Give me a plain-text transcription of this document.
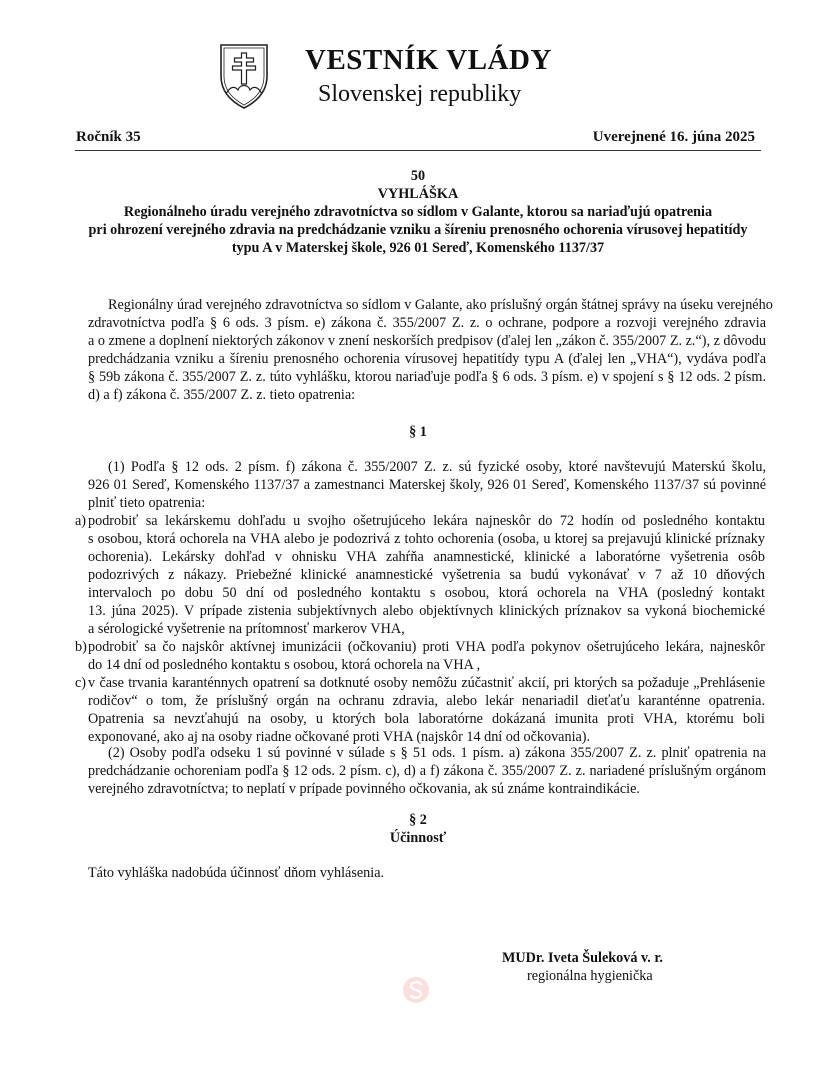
VESTNÍK VLÁDY
Slovenskej republiky
Ročník 35	Uverejnené 16. júna 2025
50
VYHLÁŠKA
Regionálneho úradu verejného zdravotníctva so sídlom v Galante, ktorou sa nariaďujú opatrenia
pri ohrození verejného zdravia na predchádzanie vzniku a šíreniu prenosného ochorenia vírusovej hepatitídy
typu A v Materskej škole, 926 01 Sereď, Komenského 1137/37
Regionálny úrad verejného zdravotníctva so sídlom v Galante, ako príslušný orgán štátnej správy na úseku verejného
zdravotníctva podľa § 6 ods. 3 písm. e) zákona č. 355/2007 Z. z. o ochrane, podpore a rozvoji verejného zdravia
a o zmene a doplnení niektorých zákonov v znení neskorších predpisov (ďalej len „zákon č. 355/2007 Z. z.“), z dôvodu
predchádzania vzniku a šíreniu prenosného ochorenia vírusovej hepatitídy typu A (ďalej len „VHA“), vydáva podľa
§ 59b zákona č. 355/2007 Z. z. túto vyhlášku, ktorou nariaďuje podľa § 6 ods. 3 písm. e) v spojení s § 12 ods. 2 písm.
d) a f) zákona č. 355/2007 Z. z. tieto opatrenia:
§ 1
(1) Podľa § 12 ods. 2 písm. f) zákona č. 355/2007 Z. z. sú fyzické osoby, ktoré navštevujú Materskú školu,
926 01 Sereď, Komenského 1137/37 a zamestnanci Materskej školy, 926 01 Sereď, Komenského 1137/37 sú povinné
plniť tieto opatrenia:
a) podrobiť sa lekárskemu dohľadu u svojho ošetrujúceho lekára najneskôr do 72 hodín od posledného kontaktu
s osobou, ktorá ochorela na VHA alebo je podozrivá z tohto ochorenia (osoba, u ktorej sa prejavujú klinické príznaky
ochorenia). Lekársky dohľad v ohnisku VHA zahŕňa anamnestické, klinické a laboratórne vyšetrenia osôb
podozrivých z nákazy. Priebežné klinické anamnestické vyšetrenia sa budú vykonávať v 7 až 10 dňových
intervaloch po dobu 50 dní od posledného kontaktu s osobou, ktorá ochorela na VHA (posledný kontakt
13. júna 2025). V prípade zistenia subjektívnych alebo objektívnych klinických príznakov sa vykoná biochemické
a sérologické vyšetrenie na prítomnosť markerov VHA,
b) podrobiť sa čo najskôr aktívnej imunizácii (očkovaniu) proti VHA podľa pokynov ošetrujúceho lekára, najneskôr
do 14 dní od posledného kontaktu s osobou, ktorá ochorela na VHA ,
c) v čase trvania karanténnych opatrení sa dotknuté osoby nemôžu zúčastniť akcií, pri ktorých sa požaduje „Prehlásenie
rodičov“ o tom, že príslušný orgán na ochranu zdravia, alebo lekár nenariadil dieťaťu karanténne opatrenia.
Opatrenia sa nevzťahujú na osoby, u ktorých bola laboratórne dokázaná imunita proti VHA, ktorému boli
exponované, ako aj na osoby riadne očkované proti VHA (najskôr 14 dní od očkovania).
(2) Osoby podľa odseku 1 sú povinné v súlade s § 51 ods. 1 písm. a) zákona 355/2007 Z. z. plniť opatrenia na
predchádzanie ochoreniam podľa § 12 ods. 2 písm. c), d) a f) zákona č. 355/2007 Z. z. nariadené príslušným orgánom
verejného zdravotníctva; to neplatí v prípade povinného očkovania, ak sú známe kontraindikácie.
§ 2
Účinnosť
Táto vyhláška nadobúda účinnosť dňom vyhlásenia.
MUDr. Iveta Šuleková v. r.
regionálna hygienička
